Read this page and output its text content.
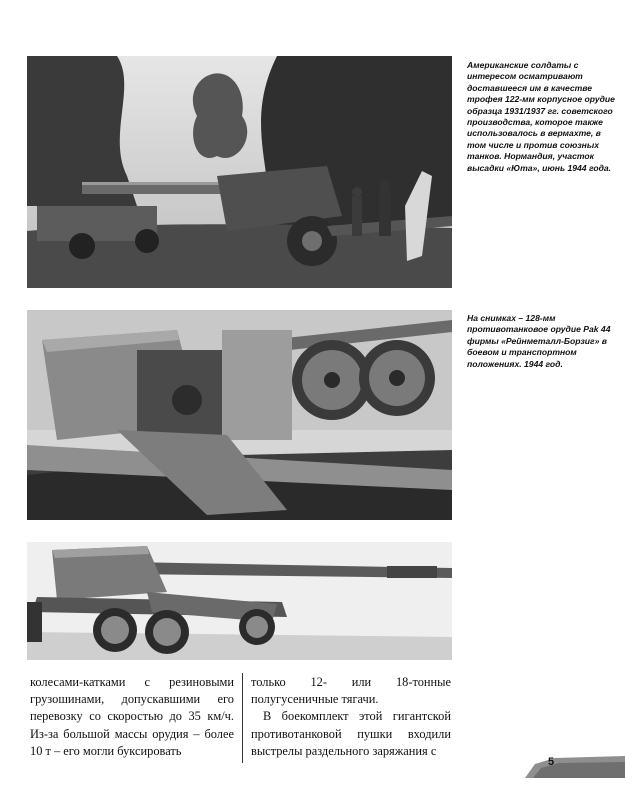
Американские солдаты с интересом осматривают доставшееся им в качестве трофея 122-мм корпусное орудие образца 1931/1937 гг. советского производства, которое также использовалось в вермахте, в том числе и против союзных танков. Нормандия, участок высадки «Юта», июнь 1944 года.
На снимках – 128-мм противотанковое орудие Pak 44 фирмы «Рейнметалл-Борзиг» в боевом и транспортном положениях. 1944 год.

колесами-катками с резиновыми грузошинами, допускавшими его перевозку со скоростью до 35 км/ч. Из-за большой массы орудия – более 10 т – его могли буксировать

только 12- или 18-тонные полугусеничные тягачи.

В боекомплект этой гигантской противотанковой пушки входили выстрелы раздельного заряжания с

5
